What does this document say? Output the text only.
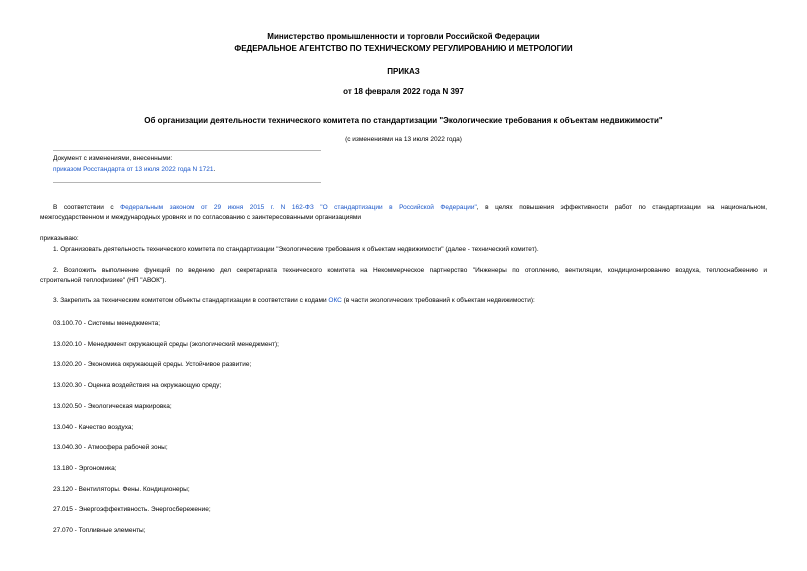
Министерство промышленности и торговли Российской Федерации
ФЕДЕРАЛЬНОЕ АГЕНТСТВО ПО ТЕХНИЧЕСКОМУ РЕГУЛИРОВАНИЮ И МЕТРОЛОГИИ
ПРИКАЗ
от 18 февраля 2022 года N 397
Об организации деятельности технического комитета по стандартизации "Экологические требования к объектам недвижимости"
(с изменениями на 13 июля 2022 года)
Документ с изменениями, внесенными:
приказом Росстандарта от 13 июля 2022 года N 1721.
В соответствии с Федеральным законом от 29 июня 2015 г. N 162-ФЗ "О стандартизации в Российской Федерации", в целях повышения эффективности работ по стандартизации на национальном,
межгосударственном и международных уровнях и по согласованию с заинтересованными организациями
приказываю:
1. Организовать деятельность технического комитета по стандартизации "Экологические требования к объектам недвижимости" (далее - технический комитет).
2. Возложить выполнение функций по ведению дел секретариата технического комитета на Некоммерческое партнерство "Инженеры по отоплению, вентиляции, кондиционированию воздуха, теплоснабжению и
строительной теплофизике" (НП "АВОК").
3. Закрепить за техническим комитетом объекты стандартизации в соответствии с кодами ОКС (в части экологических требований к объектам недвижимости):
03.100.70 - Системы менеджмента;
13.020.10 - Менеджмент окружающей среды (экологический менеджмент);
13.020.20 - Экономика окружающей среды. Устойчивое развитие;
13.020.30 - Оценка воздействия на окружающую среду;
13.020.50 - Экологическая маркировка;
13.040 - Качество воздуха;
13.040.30 - Атмосфера рабочей зоны;
13.180 - Эргономика;
23.120 - Вентиляторы. Фены. Кондиционеры;
27.015 - Энергоэффективность. Энергосбережение;
27.070 - Топливные элементы;
